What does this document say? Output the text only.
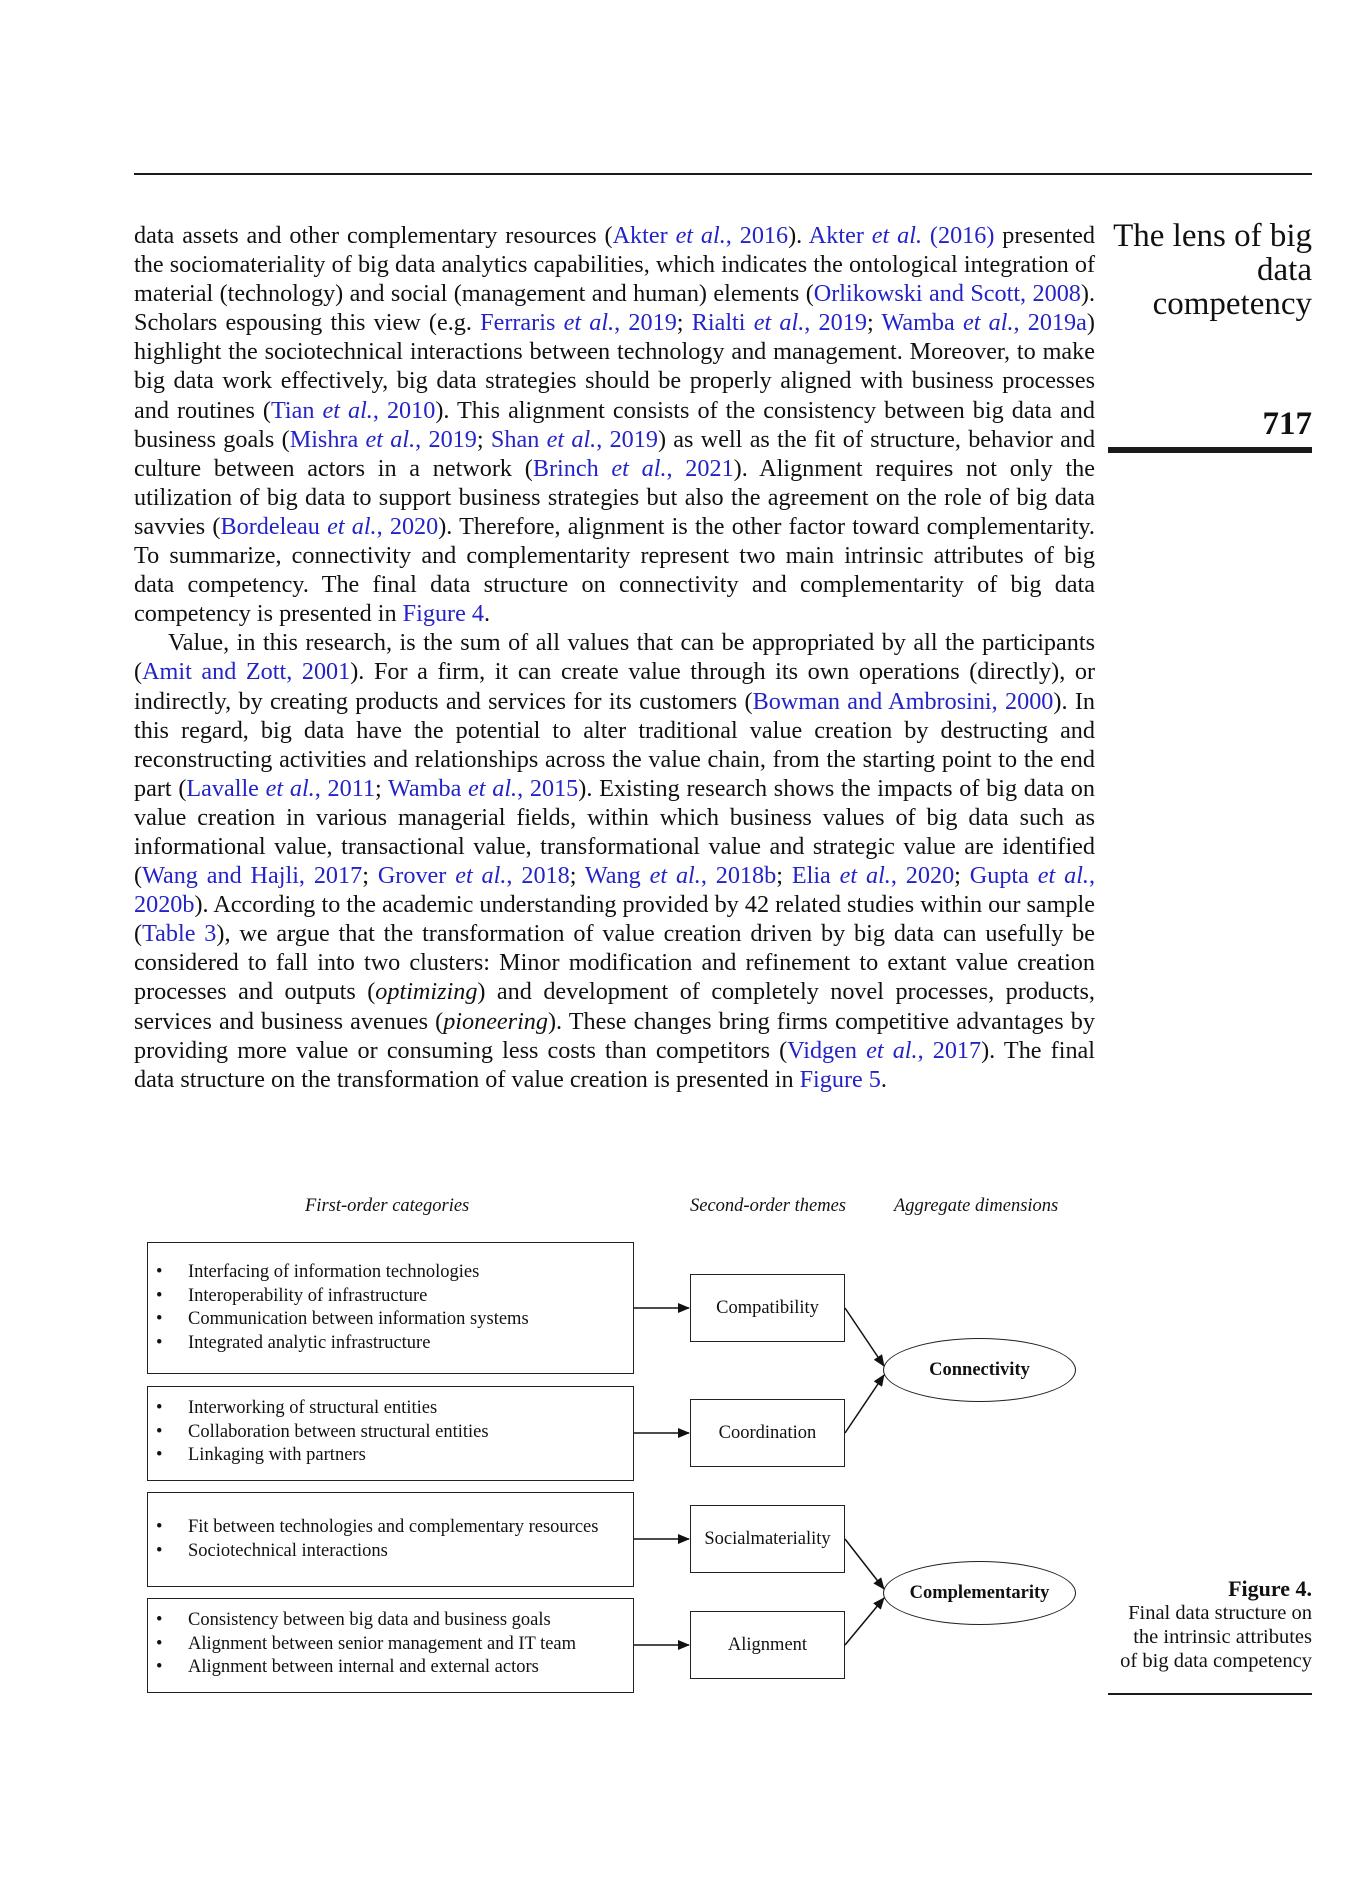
data assets and other complementary resources (Akter et al., 2016). Akter et al. (2016) presented the sociomateriality of big data analytics capabilities, which indicates the ontological integration of material (technology) and social (management and human) elements (Orlikowski and Scott, 2008). Scholars espousing this view (e.g. Ferraris et al., 2019; Rialti et al., 2019; Wamba et al., 2019a) highlight the sociotechnical interactions between technology and management. Moreover, to make big data work effectively, big data strategies should be properly aligned with business processes and routines (Tian et al., 2010). This alignment consists of the consistency between big data and business goals (Mishra et al., 2019; Shan et al., 2019) as well as the fit of structure, behavior and culture between actors in a network (Brinch et al., 2021). Alignment requires not only the utilization of big data to support business strategies but also the agreement on the role of big data savvies (Bordeleau et al., 2020). Therefore, alignment is the other factor toward complementarity. To summarize, connectivity and complementarity represent two main intrinsic attributes of big data competency. The final data structure on connectivity and complementarity of big data competency is presented in Figure 4.

Value, in this research, is the sum of all values that can be appropriated by all the participants (Amit and Zott, 2001). For a firm, it can create value through its own operations (directly), or indirectly, by creating products and services for its customers (Bowman and Ambrosini, 2000). In this regard, big data have the potential to alter traditional value creation by destructing and reconstructing activities and relationships across the value chain, from the starting point to the end part (Lavalle et al., 2011; Wamba et al., 2015). Existing research shows the impacts of big data on value creation in various managerial fields, within which business values of big data such as informational value, transactional value, transformational value and strategic value are identified (Wang and Hajli, 2017; Grover et al., 2018; Wang et al., 2018b; Elia et al., 2020; Gupta et al., 2020b). According to the academic understanding provided by 42 related studies within our sample (Table 3), we argue that the transformation of value creation driven by big data can usefully be considered to fall into two clusters: Minor modification and refinement to extant value creation processes and outputs (optimizing) and development of completely novel processes, products, services and business avenues (pioneering). These changes bring firms competitive advantages by providing more value or consuming less costs than competitors (Vidgen et al., 2017). The final data structure on the transformation of value creation is presented in Figure 5.

The lens of big
data
competency
717
First-order categories	Second-order themes	Aggregate dimensions
• Interfacing of information technologies
• Interoperability of infrastructure
• Communication between information systems
• Integrated analytic infrastructure
• Interworking of structural entities
• Collaboration between structural entities
• Linkaging with partners
• Fit between technologies and complementary resources
• Sociotechnical interactions
• Consistency between big data and business goals
• Alignment between senior management and IT team
• Alignment between internal and external actors
Compatibility
Coordination
Socialmateriality
Alignment
Connectivity
Complementarity	Figure 4.
Final data structure on
the intrinsic attributes
of big data competency
